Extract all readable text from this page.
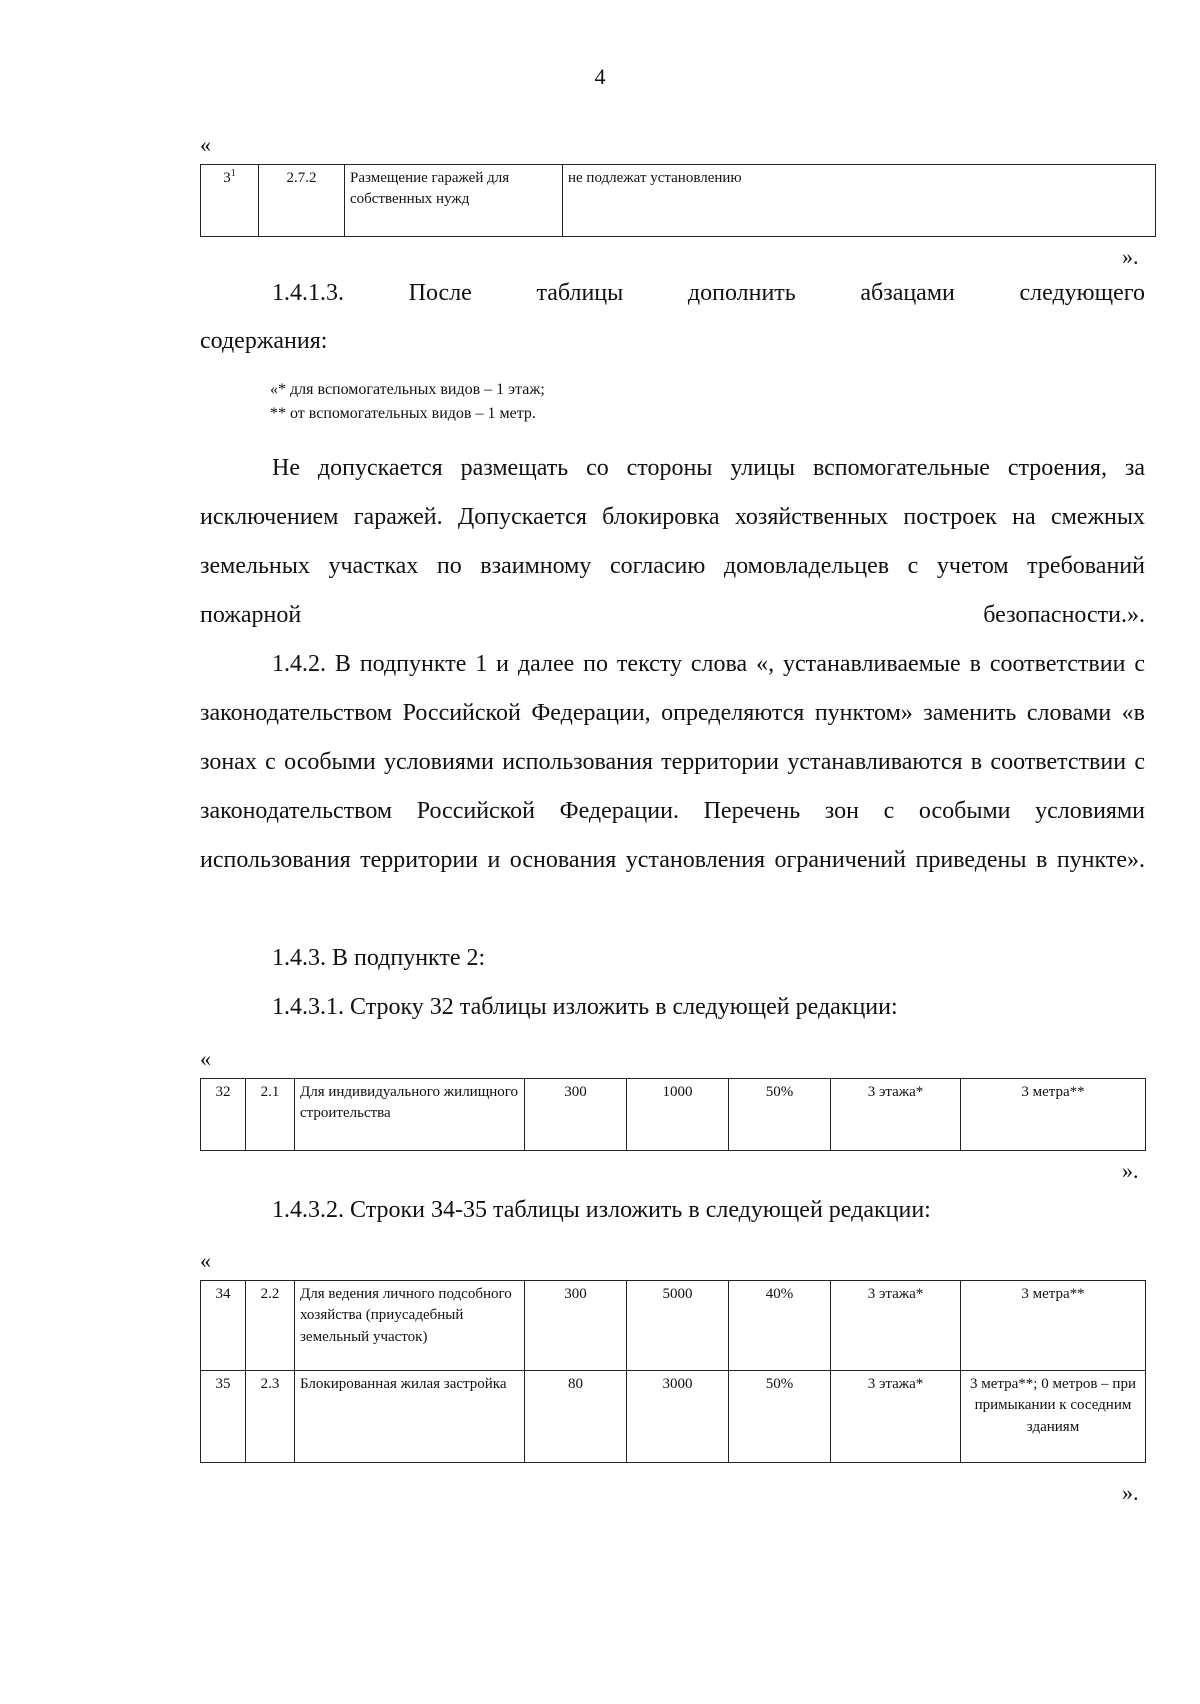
4
«
$3^1$	2.7.2	Размещение гаражей для собственных нужд	не подлежат установлению
».
1.4.1.3.	После	таблицы	дополнить	абзацами	следующего
содержания:
«* для вспомогательных видов – 1 этаж;
** от вспомогательных видов – 1 метр.
Не допускается размещать со стороны улицы вспомогательные строения, за исключением гаражей. Допускается блокировка хозяйственных построек на смежных земельных участках по взаимному согласию домовладельцев с учетом требований пожарной безопасности.».
1.4.2. В подпункте 1 и далее по тексту слова «, устанавливаемые в соответствии с законодательством Российской Федерации, определяются пунктом» заменить словами «в зонах с особыми условиями использования территории устанавливаются в соответствии с законодательством Российской Федерации. Перечень зон с особыми условиями использования территории и основания установления ограничений приведены в пункте».
1.4.3. В подпункте 2:
1.4.3.1. Строку 32 таблицы изложить в следующей редакции:
«
32	2.1	Для индивидуального жилищного строительства	300	1000	50%	3 этажа*	3 метра**
».
1.4.3.2. Строки 34-35 таблицы изложить в следующей редакции:
«
34	2.2	Для ведения личного подсобного хозяйства (приусадебный земельный участок)	300	5000	40%	3 этажа*	3 метра**
35	2.3	Блокированная жилая застройка	80	3000	50%	3 этажа*	3 метра**; 0 метров – при примыкании к соседним зданиям
».
